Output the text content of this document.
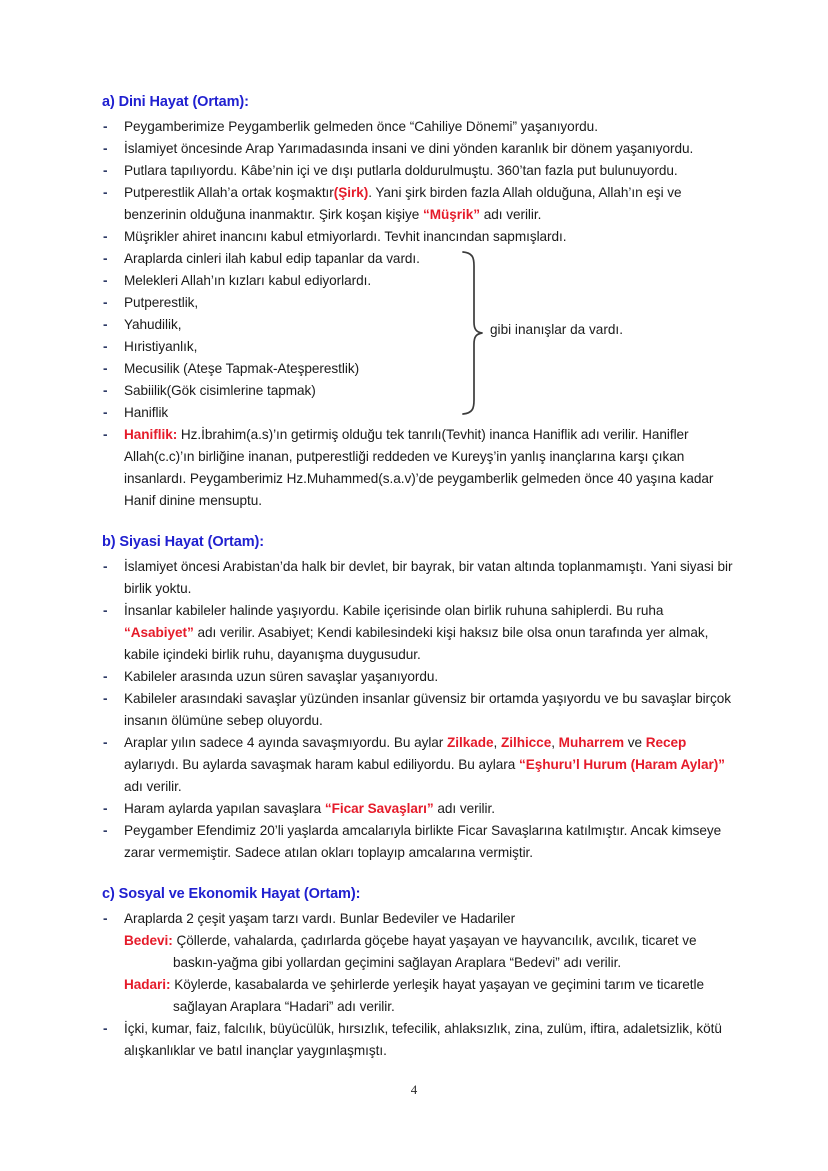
a) Dini Hayat (Ortam):
- Peygamberimize Peygamberlik gelmeden önce “Cahiliye Dönemi” yaşanıyordu.
- İslamiyet öncesinde Arap Yarımadasında insani ve dini yönden karanlık bir dönem yaşanıyordu.
- Putlara tapılıyordu. Kâbe’nin içi ve dışı putlarla doldurulmuştu. 360’tan fazla put bulunuyordu.
- Putperestlik Allah’a ortak koşmaktır(Şirk). Yani şirk birden fazla Allah olduğuna, Allah’ın eşi ve benzerinin olduğuna inanmaktır. Şirk koşan kişiye “Müşrik” adı verilir.
- Müşrikler ahiret inancını kabul etmiyorlardı. Tevhit inancından sapmışlardı.
- Araplarda cinleri ilah kabul edip tapanlar da vardı.
- Melekleri Allah’ın kızları kabul ediyorlardı.
- Putperestlik,
- Yahudilik,
- Hıristiyanlık,
- Mecusilik (Ateşe Tapmak-Ateşperestlik)
- Sabiilik(Gök cisimlerine tapmak)
- Haniflik
gibi inanışlar da vardı.
- Haniflik: Hz.İbrahim(a.s)’ın getirmiş olduğu tek tanrılı(Tevhit) inanca Haniflik adı verilir. Hanifler Allah(c.c)’ın birliğine inanan, putperestliği reddeden ve Kureyş’in yanlış inançlarına karşı çıkan insanlardı. Peygamberimiz Hz.Muhammed(s.a.v)’de peygamberlik gelmeden önce 40 yaşına kadar Hanif dinine mensuptu.
b) Siyasi Hayat (Ortam):
- İslamiyet öncesi Arabistan’da halk bir devlet, bir bayrak, bir vatan altında toplanmamıştı. Yani siyasi bir birlik yoktu.
- İnsanlar kabileler halinde yaşıyordu. Kabile içerisinde olan birlik ruhuna sahiplerdi. Bu ruha “Asabiyet” adı verilir. Asabiyet; Kendi kabilesindeki kişi haksız bile olsa onun tarafında yer almak, kabile içindeki birlik ruhu, dayanışma duygusudur.
- Kabileler arasında uzun süren savaşlar yaşanıyordu.
- Kabileler arasındaki savaşlar yüzünden insanlar güvensiz bir ortamda yaşıyordu ve bu savaşlar birçok insanın ölümüne sebep oluyordu.
- Araplar yılın sadece 4 ayında savaşmıyordu. Bu aylar Zilkade, Zilhicce, Muharrem ve Recep aylarıydı. Bu aylarda savaşmak haram kabul ediliyordu. Bu aylara “Eşhuru’l Hurum (Haram Aylar)” adı verilir.
- Haram aylarda yapılan savaşlara “Ficar Savaşları” adı verilir.
- Peygamber Efendimiz 20’li yaşlarda amcalarıyla birlikte Ficar Savaşlarına katılmıştır. Ancak kimseye zarar vermemiştir. Sadece atılan okları toplayıp amcalarına vermiştir.
c) Sosyal ve Ekonomik Hayat (Ortam):
- Araplarda 2 çeşit yaşam tarzı vardı. Bunlar Bedeviler ve Hadariler
Bedevi: Çöllerde, vahalarda, çadırlarda göçebe hayat yaşayan ve hayvancılık, avcılık, ticaret ve baskın-yağma gibi yollardan geçimini sağlayan Araplara “Bedevi” adı verilir.
Hadari: Köylerde, kasabalarda ve şehirlerde yerleşik hayat yaşayan ve geçimini tarım ve ticaretle sağlayan Araplara “Hadari” adı verilir.
- İçki, kumar, faiz, falcılık, büyücülük, hırsızlık, tefecilik, ahlaksızlık, zina, zulüm, iftira, adaletsizlik, kötü alışkanlıklar ve batıl inançlar yaygınlaşmıştı.
4
